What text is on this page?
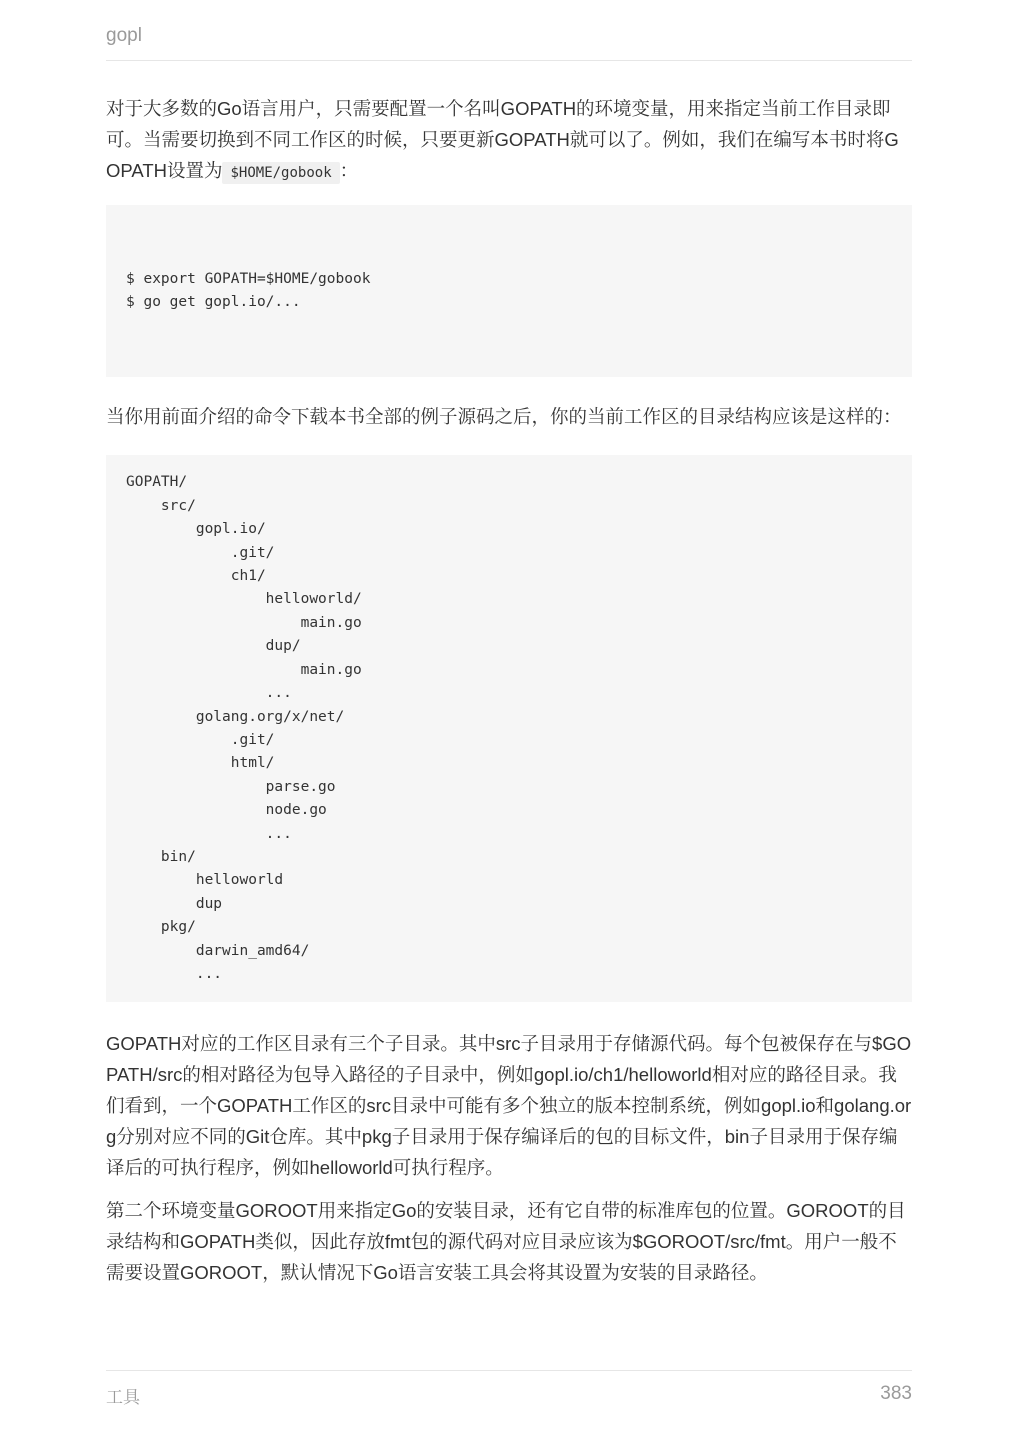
gopl

对于大多数的Go语言用户，只需要配置一个名叫GOPATH的环境变量，用来指定当前工作目录即可。当需要切换到不同工作区的时候，只要更新GOPATH就可以了。例如，我们在编写本书时将GOPATH设置为 $HOME/gobook ：

$ export GOPATH=$HOME/gobook
$ go get gopl.io/...

当你用前面介绍的命令下载本书全部的例子源码之后，你的当前工作区的目录结构应该是这样的：

GOPATH/
src/
gopl.io/
.git/
ch1/
helloworld/
main.go
dup/
main.go
...
golang.org/x/net/
.git/
html/
parse.go
node.go
...
bin/
helloworld
dup
pkg/
darwin_amd64/
...

GOPATH对应的工作区目录有三个子目录。其中src子目录用于存储源代码。每个包被保存在与$GOPATH/src的相对路径为包导入路径的子目录中，例如gopl.io/ch1/helloworld相对应的路径目录。我们看到，一个GOPATH工作区的src目录中可能有多个独立的版本控制系统，例如gopl.io和golang.org分别对应不同的Git仓库。其中pkg子目录用于保存编译后的包的目标文件，bin子目录用于保存编译后的可执行程序，例如helloworld可执行程序。

第二个环境变量GOROOT用来指定Go的安装目录，还有它自带的标准库包的位置。GOROOT的目录结构和GOPATH类似，因此存放fmt包的源代码对应目录应该为$GOROOT/src/fmt。用户一般不需要设置GOROOT，默认情况下Go语言安装工具会将其设置为安装的目录路径。

工具	383
